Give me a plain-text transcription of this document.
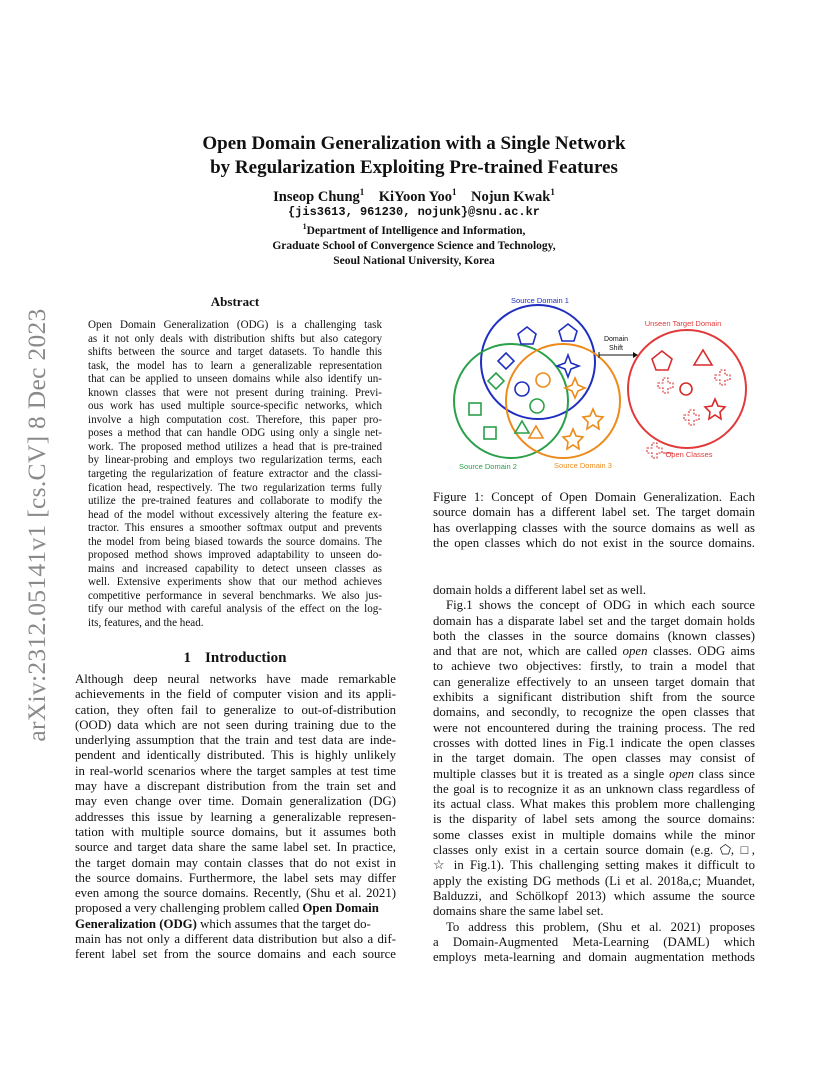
arXiv:2312.05141v1 [cs.CV] 8 Dec 2023
Open Domain Generalization with a Single Network
by Regularization Exploiting Pre-trained Features
Inseop Chung$^1$ KiYoon Yoo$^1$ Nojun Kwak$^1$
{jis3613, 961230, nojunk}@snu.ac.kr
$^1$Department of Intelligence and Information,
Graduate School of Convergence Science and Technology,
Seoul National University, Korea
Abstract
Open Domain Generalization (ODG) is a challenging task
as it not only deals with distribution shifts but also category
shifts between the source and target datasets. To handle this
task, the model has to learn a generalizable representation
that can be applied to unseen domains while also identify un-
known classes that were not present during training. Previ-
ous work has used multiple source-specific networks, which
involve a high computation cost. Therefore, this paper pro-
poses a method that can handle ODG using only a single net-
work. The proposed method utilizes a head that is pre-trained
by linear-probing and employs two regularization terms, each
targeting the regularization of feature extractor and the classi-
fication head, respectively. The two regularization terms fully
utilize the pre-trained features and collaborate to modify the
head of the model without excessively altering the feature ex-
tractor. This ensures a smoother softmax output and prevents
the model from being biased towards the source domains. The
proposed method shows improved adaptability to unseen do-
mains and increased capability to detect unseen classes as
well. Extensive experiments show that our method achieves
competitive performance in several benchmarks. We also jus-
tify our method with careful analysis of the effect on the log-
its, features, and the head.
1 Introduction
Although deep neural networks have made remarkable
achievements in the field of computer vision and its appli-
cation, they often fail to generalize to out-of-distribution
(OOD) data which are not seen during training due to the
underlying assumption that the train and test data are inde-
pendent and identically distributed. This is highly unlikely
in real-world scenarios where the target samples at test time
may have a discrepant distribution from the train set and
may even change over time. Domain generalization (DG)
addresses this issue by learning a generalizable represen-
tation with multiple source domains, but it assumes both
source and target data share the same label set. In practice,
the target domain may contain classes that do not exist in
the source domains. Furthermore, the label sets may differ
even among the source domains. Recently, (Shu et al. 2021)
proposed a very challenging problem called Open Domain
Generalization (ODG) which assumes that the target do-
main has not only a different data distribution but also a dif-
ferent label set from the source domains and each source
Source Domain 1
Source Domain 2	Source Domain 3
Unseen Target Domain
Domain
Shift
Open Classes
Figure 1: Concept of Open Domain Generalization. Each
source domain has a different label set. The target domain
has overlapping classes with the source domains as well as
the open classes which do not exist in the source domains.
domain holds a different label set as well.
Fig.1 shows the concept of ODG in which each source
domain has a disparate label set and the target domain holds
both the classes in the source domains (known classes)
and that are not, which are called open classes. ODG aims
to achieve two objectives: firstly, to train a model that
can generalize effectively to an unseen target domain that
exhibits a significant distribution shift from the source
domains, and secondly, to recognize the open classes that
were not encountered during the training process. The red
crosses with dotted lines in Fig.1 indicate the open classes
in the target domain. The open classes may consist of
multiple classes but it is treated as a single open class since
the goal is to recognize it as an unknown class regardless of
its actual class. What makes this problem more challenging
is the disparity of label sets among the source domains:
some classes exist in multiple domains while the minor
classes only exist in a certain source domain (e.g. ⬠, □,
☆ in Fig.1). This challenging setting makes it difficult to
apply the existing DG methods (Li et al. 2018a,c; Muandet,
Balduzzi, and Schölkopf 2013) which assume the source
domains share the same label set.
To address this problem, (Shu et al. 2021) proposes
a Domain-Augmented Meta-Learning (DAML) which
employs meta-learning and domain augmentation methods
